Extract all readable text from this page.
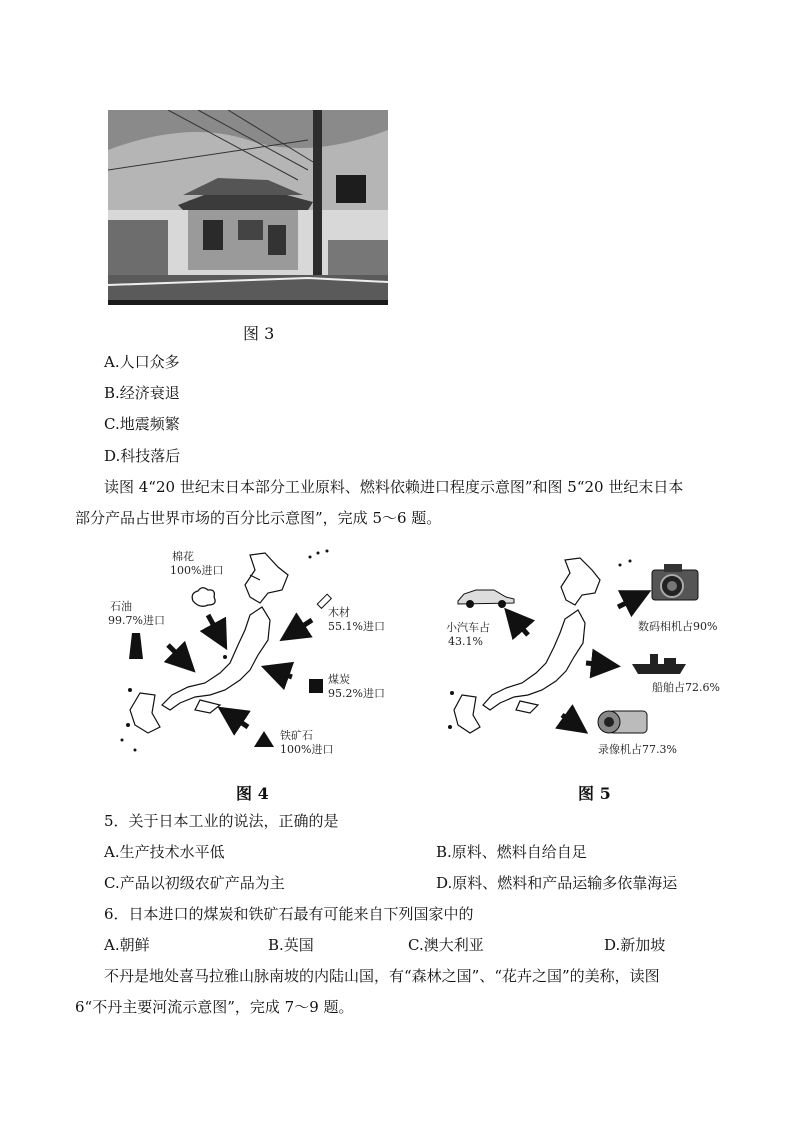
图 3
A.人口众多
B.经济衰退
C.地震频繁
D.科技落后
读图 4“20 世纪末日本部分工业原料、燃料依赖进口程度示意图”和图 5“20 世纪末日本
部分产品占世界市场的百分比示意图”，完成 5～6 题。
棉花
100%进口
石油
99.7%进口
木材
55.1%进口
煤炭
95.2%进口
铁矿石
100%进口
图 4
小汽车占
43.1%
数码相机占90%
船舶占72.6%
录像机占77.3%
图 5
5．关于日本工业的说法，正确的是
A.生产技术水平低	B.原料、燃料自给自足
C.产品以初级农矿产品为主	D.原料、燃料和产品运输多依靠海运
6．日本进口的煤炭和铁矿石最有可能来自下列国家中的
A.朝鲜	B.英国	C.澳大利亚	D.新加坡
不丹是地处喜马拉雅山脉南坡的内陆山国，有“森林之国”、“花卉之国”的美称，读图
6“不丹主要河流示意图”，完成 7～9 题。
